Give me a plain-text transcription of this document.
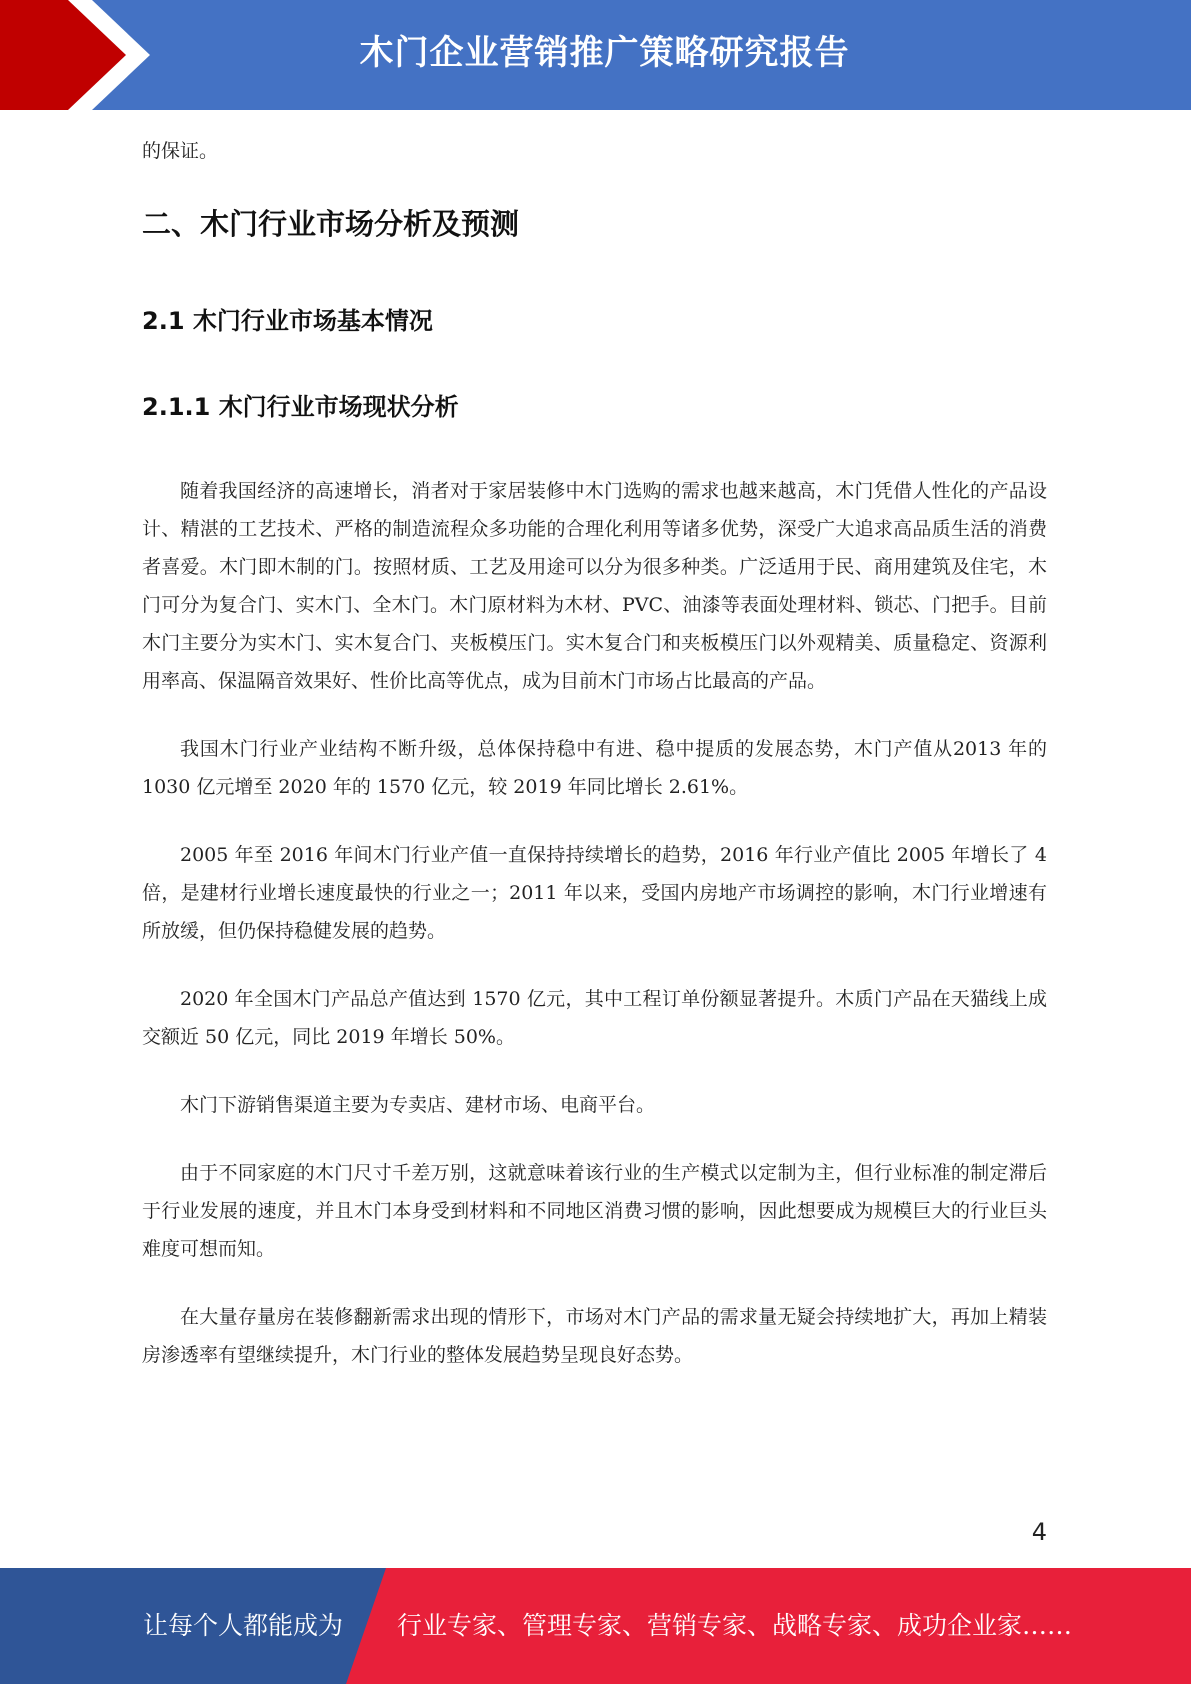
木门企业营销推广策略研究报告

的保证。

二、木门行业市场分析及预测
2.1 木门行业市场基本情况
2.1.1 木门行业市场现状分析

随着我国经济的高速增长，消者对于家居装修中木门选购的需求也越来越高，木门凭借人性化的产品设计、精湛的工艺技术、严格的制造流程众多功能的合理化利用等诸多优势，深受广大追求高品质生活的消费者喜爱。木门即木制的门。按照材质、工艺及用途可以分为很多种类。广泛适用于民、商用建筑及住宅，木门可分为复合门、实木门、全木门。木门原材料为木材、PVC、油漆等表面处理材料、锁芯、门把手。目前木门主要分为实木门、实木复合门、夹板模压门。实木复合门和夹板模压门以外观精美、质量稳定、资源利用率高、保温隔音效果好、性价比高等优点，成为目前木门市场占比最高的产品。

我国木门行业产业结构不断升级，总体保持稳中有进、稳中提质的发展态势，木门产值从2013 年的 1030 亿元增至 2020 年的 1570 亿元，较 2019 年同比增长 2.61%。

2005 年至 2016 年间木门行业产值一直保持持续增长的趋势，2016 年行业产值比 2005 年增长了 4 倍，是建材行业增长速度最快的行业之一；2011 年以来，受国内房地产市场调控的影响，木门行业增速有所放缓，但仍保持稳健发展的趋势。

2020 年全国木门产品总产值达到 1570 亿元，其中工程订单份额显著提升。木质门产品在天猫线上成交额近 50 亿元，同比 2019 年增长 50%。

木门下游销售渠道主要为专卖店、建材市场、电商平台。

由于不同家庭的木门尺寸千差万别，这就意味着该行业的生产模式以定制为主，但行业标准的制定滞后于行业发展的速度，并且木门本身受到材料和不同地区消费习惯的影响，因此想要成为规模巨大的行业巨头难度可想而知。

在大量存量房在装修翻新需求出现的情形下，市场对木门产品的需求量无疑会持续地扩大，再加上精装房渗透率有望继续提升，木门行业的整体发展趋势呈现良好态势。

4
让每个人都能成为 行业专家、管理专家、营销专家、战略专家、成功企业家……
